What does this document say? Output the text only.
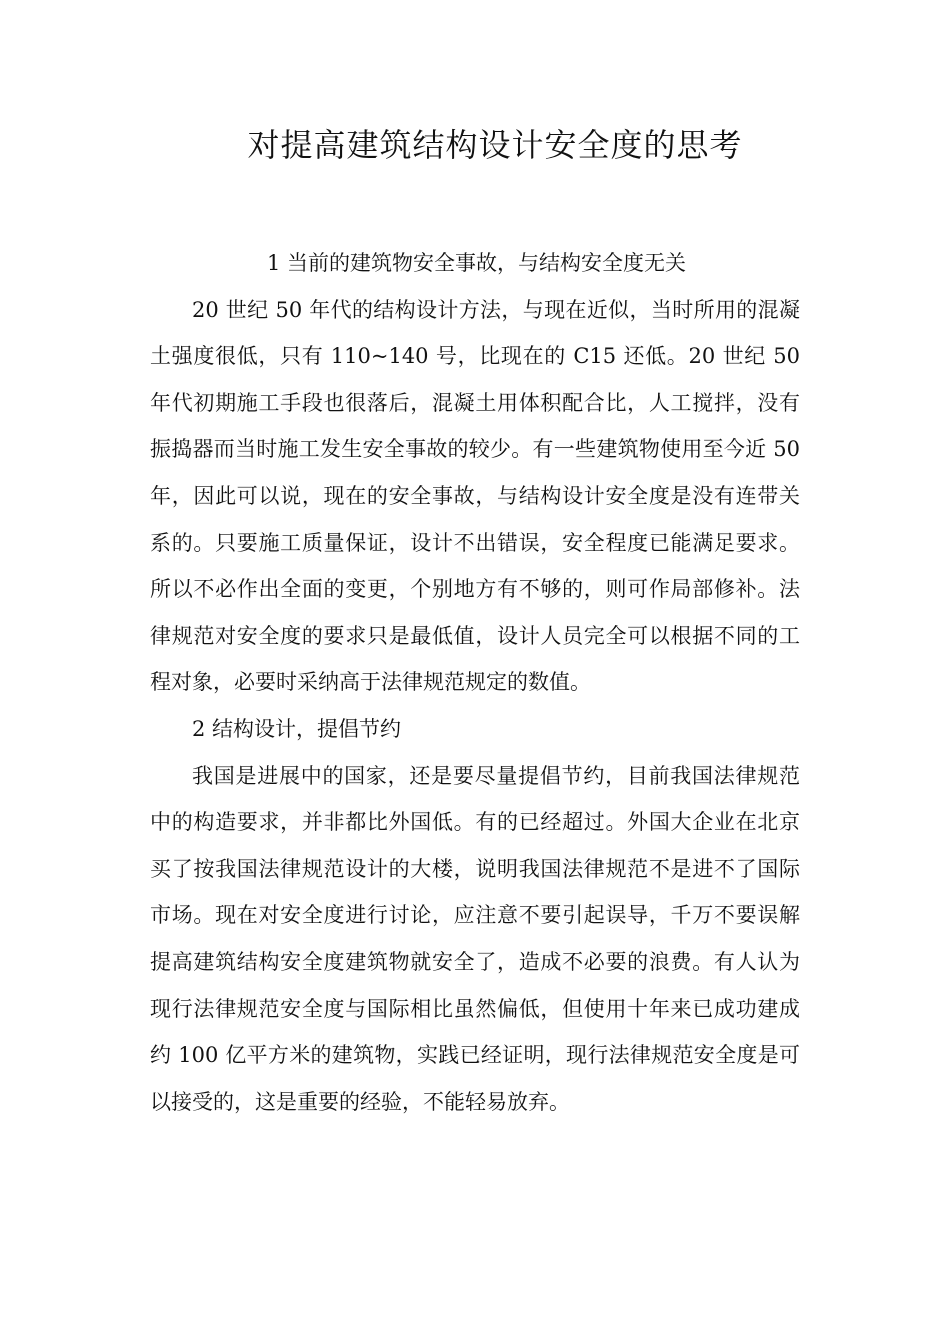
对提高建筑结构设计安全度的思考

1 当前的建筑物安全事故，与结构安全度无关

20 世纪 50 年代的结构设计方法，与现在近似，当时所用的混凝土强度很低，只有 110~140 号，比现在的 C15 还低。20 世纪 50 年代初期施工手段也很落后，混凝土用体积配合比，人工搅拌，没有振捣器而当时施工发生安全事故的较少。有一些建筑物使用至今近 50 年，因此可以说，现在的安全事故，与结构设计安全度是没有连带关系的。只要施工质量保证，设计不出错误，安全程度已能满足要求。所以不必作出全面的变更，个别地方有不够的，则可作局部修补。法律规范对安全度的要求只是最低值，设计人员完全可以根据不同的工程对象，必要时采纳高于法律规范规定的数值。

2 结构设计，提倡节约

我国是进展中的国家，还是要尽量提倡节约，目前我国法律规范中的构造要求，并非都比外国低。有的已经超过。外国大企业在北京买了按我国法律规范设计的大楼，说明我国法律规范不是进不了国际市场。现在对安全度进行讨论，应注意不要引起误导，千万不要误解提高建筑结构安全度建筑物就安全了，造成不必要的浪费。有人认为现行法律规范安全度与国际相比虽然偏低，但使用十年来已成功建成约 100 亿平方米的建筑物，实践已经证明，现行法律规范安全度是可以接受的，这是重要的经验，不能轻易放弃。
